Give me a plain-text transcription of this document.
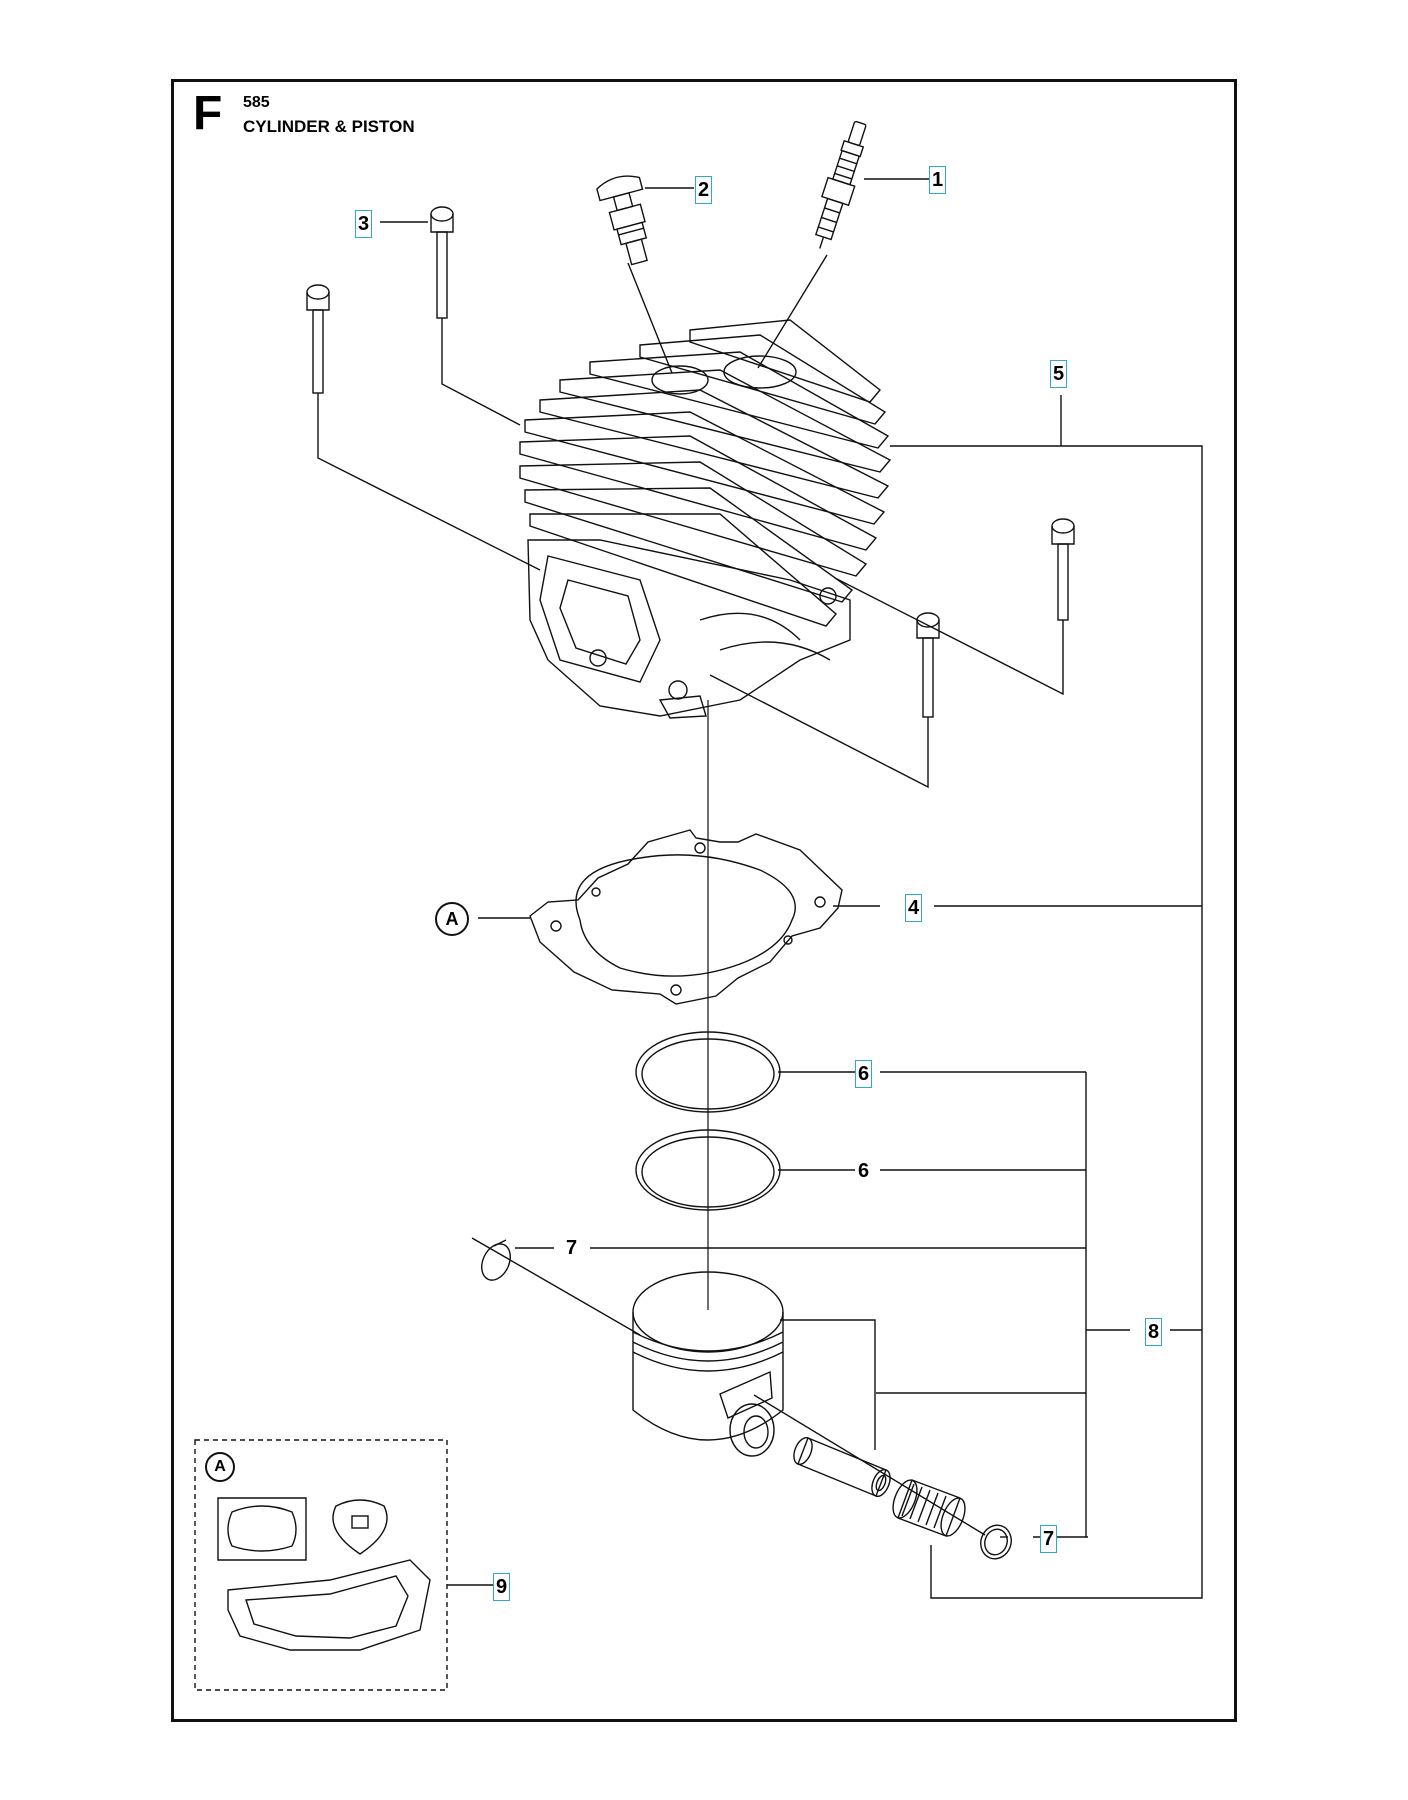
F 585
CYLINDER & PISTON
A
A
1
2
3
5
4
6
6
7
8
7
9
